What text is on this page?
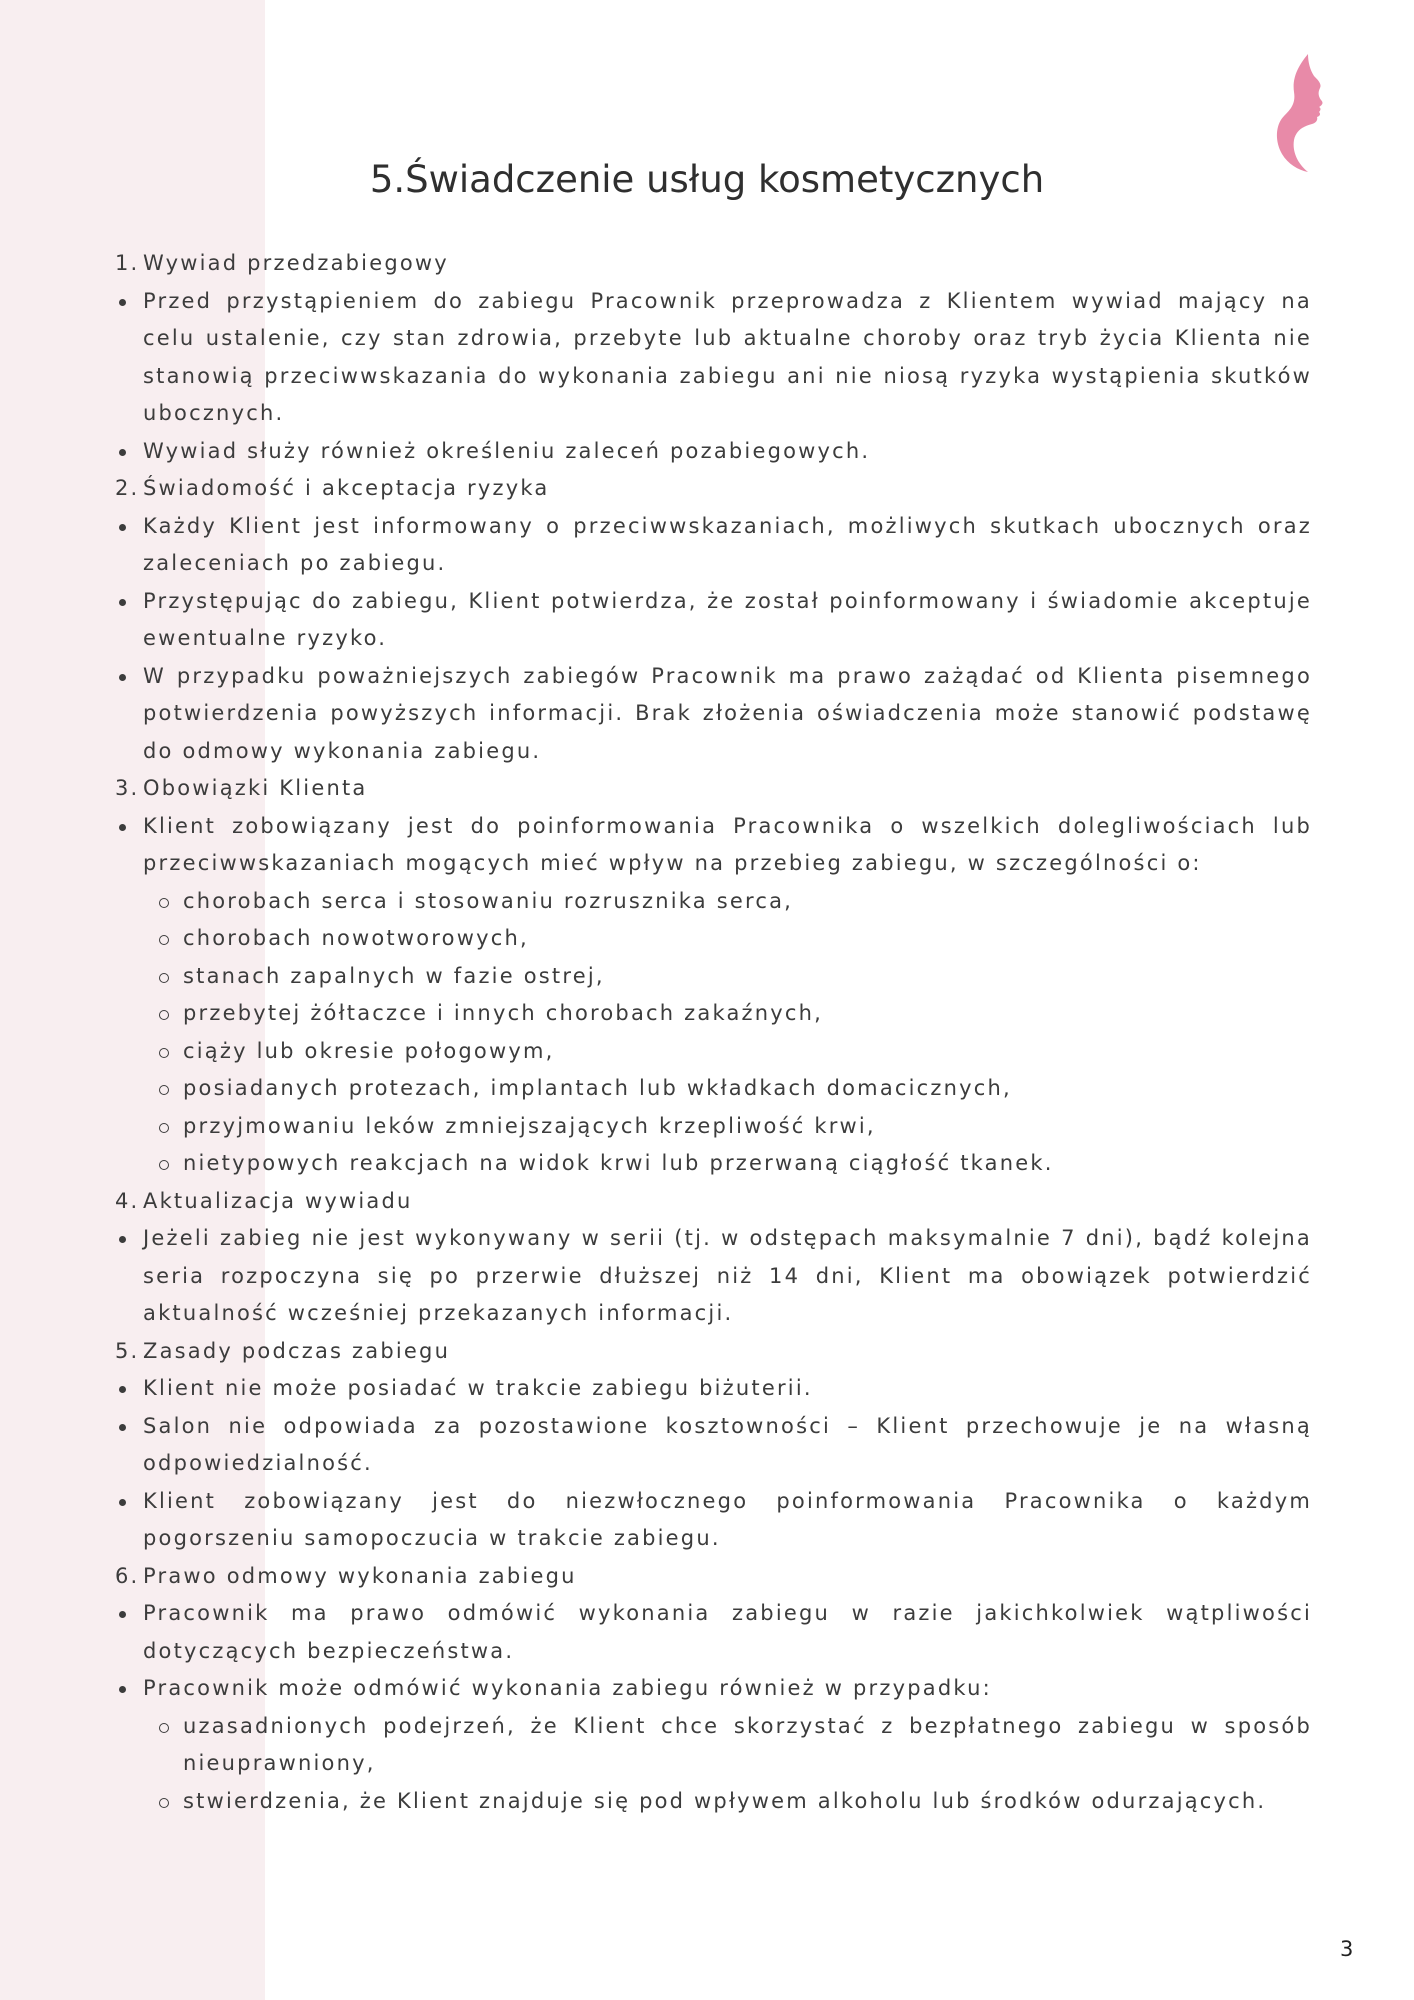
5.Świadczenie usług kosmetycznych
1. Wywiad przedzabiegowy
Przed przystąpieniem do zabiegu Pracownik przeprowadza z Klientem wywiad mający na celu ustalenie, czy stan zdrowia, przebyte lub aktualne choroby oraz tryb życia Klienta nie stanowią przeciwwskazania do wykonania zabiegu ani nie niosą ryzyka wystąpienia skutków ubocznych.
Wywiad służy również określeniu zaleceń pozabiegowych.
2. Świadomość i akceptacja ryzyka
Każdy Klient jest informowany o przeciwwskazaniach, możliwych skutkach ubocznych oraz zaleceniach po zabiegu.
Przystępując do zabiegu, Klient potwierdza, że został poinformowany i świadomie akceptuje ewentualne ryzyko.
W przypadku poważniejszych zabiegów Pracownik ma prawo zażądać od Klienta pisemnego potwierdzenia powyższych informacji. Brak złożenia oświadczenia może stanowić podstawę do odmowy wykonania zabiegu.
3. Obowiązki Klienta
Klient zobowiązany jest do poinformowania Pracownika o wszelkich dolegliwościach lub przeciwwskazaniach mogących mieć wpływ na przebieg zabiegu, w szczególności o:
chorobach serca i stosowaniu rozrusznika serca,
chorobach nowotworowych,
stanach zapalnych w fazie ostrej,
przebytej żółtaczce i innych chorobach zakaźnych,
ciąży lub okresie połogowym,
posiadanych protezach, implantach lub wkładkach domacicznych,
przyjmowaniu leków zmniejszających krzepliwość krwi,
nietypowych reakcjach na widok krwi lub przerwaną ciągłość tkanek.
4. Aktualizacja wywiadu
Jeżeli zabieg nie jest wykonywany w serii (tj. w odstępach maksymalnie 7 dni), bądź kolejna seria rozpoczyna się po przerwie dłuższej niż 14 dni, Klient ma obowiązek potwierdzić aktualność wcześniej przekazanych informacji.
5. Zasady podczas zabiegu
Klient nie może posiadać w trakcie zabiegu biżuterii.
Salon nie odpowiada za pozostawione kosztowności – Klient przechowuje je na własną odpowiedzialność.
Klient zobowiązany jest do niezwłocznego poinformowania Pracownika o każdym pogorszeniu samopoczucia w trakcie zabiegu.
6. Prawo odmowy wykonania zabiegu
Pracownik ma prawo odmówić wykonania zabiegu w razie jakichkolwiek wątpliwości dotyczących bezpieczeństwa.
Pracownik może odmówić wykonania zabiegu również w przypadku:
uzasadnionych podejrzeń, że Klient chce skorzystać z bezpłatnego zabiegu w sposób nieuprawniony,
stwierdzenia, że Klient znajduje się pod wpływem alkoholu lub środków odurzających.
3
